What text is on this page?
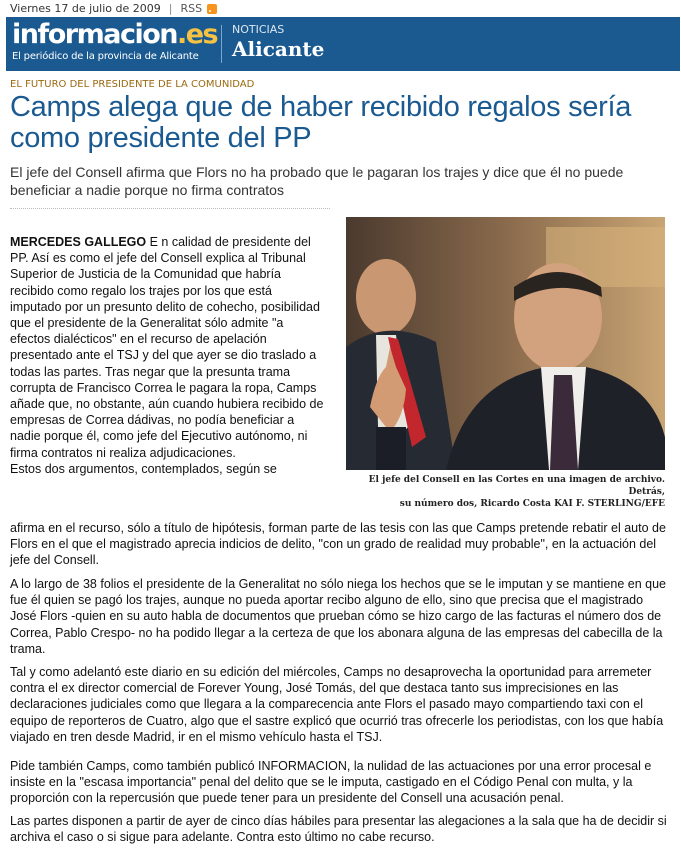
Viernes 17 de julio de 2009 | RSS
informacion.es
El periódico de la provincia de Alicante
NOTICIAS
Alicante
EL FUTURO DEL PRESIDENTE DE LA COMUNIDAD
Camps alega que de haber recibido regalos sería como presidente del PP
El jefe del Consell afirma que Flors no ha probado que le pagaran los trajes y dice que él no puede beneficiar a nadie porque no firma contratos
El jefe del Consell en las Cortes en una imagen de archivo. Detrás,
su número dos, Ricardo Costa KAI F. STERLING/EFE
MERCEDES GALLEGO E n calidad de presidente del PP. Así es como el jefe del Consell explica al Tribunal Superior de Justicia de la Comunidad que habría recibido como regalo los trajes por los que está imputado por un presunto delito de cohecho, posibilidad que el presidente de la Generalitat sólo admite "a efectos dialécticos" en el recurso de apelación presentado ante el TSJ y del que ayer se dio traslado a todas las partes. Tras negar que la presunta trama corrupta de Francisco Correa le pagara la ropa, Camps añade que, no obstante, aún cuando hubiera recibido de empresas de Correa dádivas, no podía beneficiar a nadie porque él, como jefe del Ejecutivo autónomo, ni firma contratos ni realiza adjudicaciones.
Estos dos argumentos, contemplados, según se
afirma en el recurso, sólo a título de hipótesis, forman parte de las tesis con las que Camps pretende rebatir el auto de Flors en el que el magistrado aprecia indicios de delito, "con un grado de realidad muy probable", en la actuación del jefe del Consell.
A lo largo de 38 folios el presidente de la Generalitat no sólo niega los hechos que se le imputan y se mantiene en que fue él quien se pagó los trajes, aunque no pueda aportar recibo alguno de ello, sino que precisa que el magistrado José Flors -quien en su auto habla de documentos que prueban cómo se hizo cargo de las facturas el número dos de Correa, Pablo Crespo- no ha podido llegar a la certeza de que los abonara alguna de las empresas del cabecilla de la trama.
Tal y como adelantó este diario en su edición del miércoles, Camps no desaprovecha la oportunidad para arremeter contra el ex director comercial de Forever Young, José Tomás, del que destaca tanto sus imprecisiones en las declaraciones judiciales como que llegara a la comparecencia ante Flors el pasado mayo compartiendo taxi con el equipo de reporteros de Cuatro, algo que el sastre explicó que ocurrió tras ofrecerle los periodistas, con los que había viajado en tren desde Madrid, ir en el mismo vehículo hasta el TSJ.
Pide también Camps, como también publicó INFORMACION, la nulidad de las actuaciones por una error procesal e insiste en la "escasa importancia" penal del delito que se le imputa, castigado en el Código Penal con multa, y la proporción con la repercusión que puede tener para un presidente del Consell una acusación penal.
Las partes disponen a partir de ayer de cinco días hábiles para presentar las alegaciones a la sala que ha de decidir si archiva el caso o si sigue para adelante. Contra esto último no cabe recurso.
